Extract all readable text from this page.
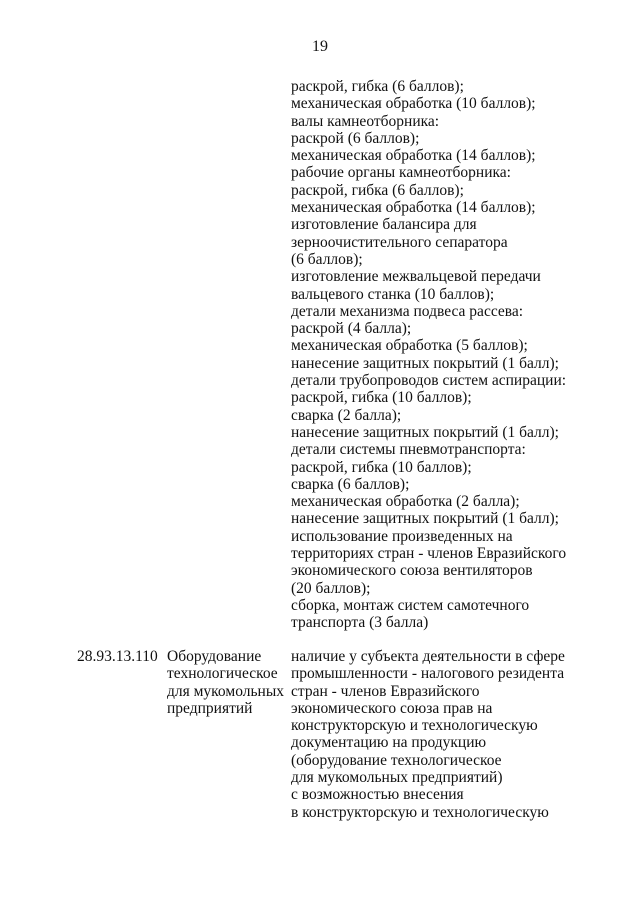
19
раскрой, гибка (6 баллов);
механическая обработка (10 баллов);
валы камнеотборника:
раскрой (6 баллов);
механическая обработка (14 баллов);
рабочие органы камнеотборника:
раскрой, гибка (6 баллов);
механическая обработка (14 баллов);
изготовление балансира для
зерноочистительного сепаратора
(6 баллов);
изготовление межвальцевой передачи
вальцевого станка (10 баллов);
детали механизма подвеса рассева:
раскрой (4 балла);
механическая обработка (5 баллов);
нанесение защитных покрытий (1 балл);
детали трубопроводов систем аспирации:
раскрой, гибка (10 баллов);
сварка (2 балла);
нанесение защитных покрытий (1 балл);
детали системы пневмотранспорта:
раскрой, гибка (10 баллов);
сварка (6 баллов);
механическая обработка (2 балла);
нанесение защитных покрытий (1 балл);
использование произведенных на
территориях стран - членов Евразийского
экономического союза вентиляторов
(20 баллов);
сборка, монтаж систем самотечного
транспорта (3 балла)
28.93.13.110 Оборудование
технологическое
для мукомольных
предприятий
наличие у субъекта деятельности в сфере
промышленности - налогового резидента
стран - членов Евразийского
экономического союза прав на
конструкторскую и технологическую
документацию на продукцию
(оборудование технологическое
для мукомольных предприятий)
с возможностью внесения
в конструкторскую и технологическую
